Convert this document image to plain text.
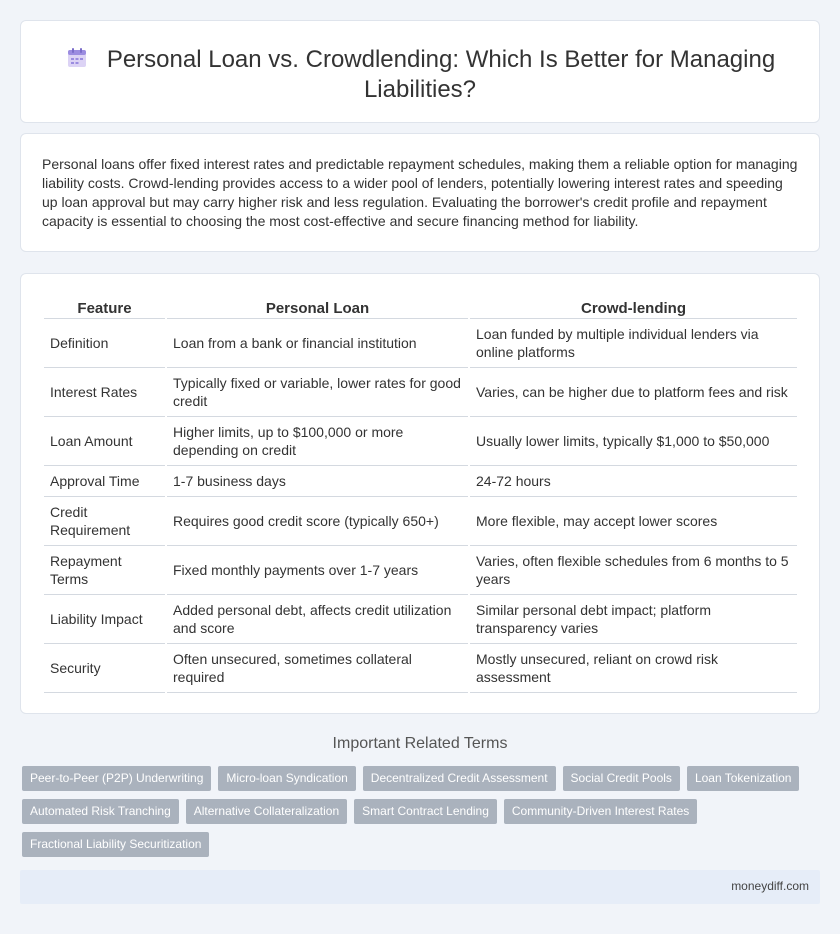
Personal Loan vs. Crowdlending: Which Is Better for Managing Liabilities?

Personal loans offer fixed interest rates and predictable repayment schedules, making them a reliable option for managing liability costs. Crowd-lending provides access to a wider pool of lenders, potentially lowering interest rates and speeding up loan approval but may carry higher risk and less regulation. Evaluating the borrower's credit profile and repayment capacity is essential to choosing the most cost-effective and secure financing method for liability.

Feature	Personal Loan	Crowd-lending
Definition	Loan from a bank or financial institution	Loan funded by multiple individual lenders via online platforms
Interest Rates	Typically fixed or variable, lower rates for good credit	Varies, can be higher due to platform fees and risk
Loan Amount	Higher limits, up to $100,000 or more depending on credit	Usually lower limits, typically $1,000 to $50,000
Approval Time	1-7 business days	24-72 hours
Credit Requirement	Requires good credit score (typically 650+)	More flexible, may accept lower scores
Repayment Terms	Fixed monthly payments over 1-7 years	Varies, often flexible schedules from 6 months to 5 years
Liability Impact	Added personal debt, affects credit utilization and score	Similar personal debt impact; platform transparency varies
Security	Often unsecured, sometimes collateral required	Mostly unsecured, reliant on crowd risk assessment
Important Related Terms
Peer-to-Peer (P2P) Underwriting	Micro-loan Syndication	Decentralized Credit Assessment	Social Credit Pools	Loan Tokenization
Automated Risk Tranching	Alternative Collateralization	Smart Contract Lending	Community-Driven Interest Rates
Fractional Liability Securitization
moneydiff.com
